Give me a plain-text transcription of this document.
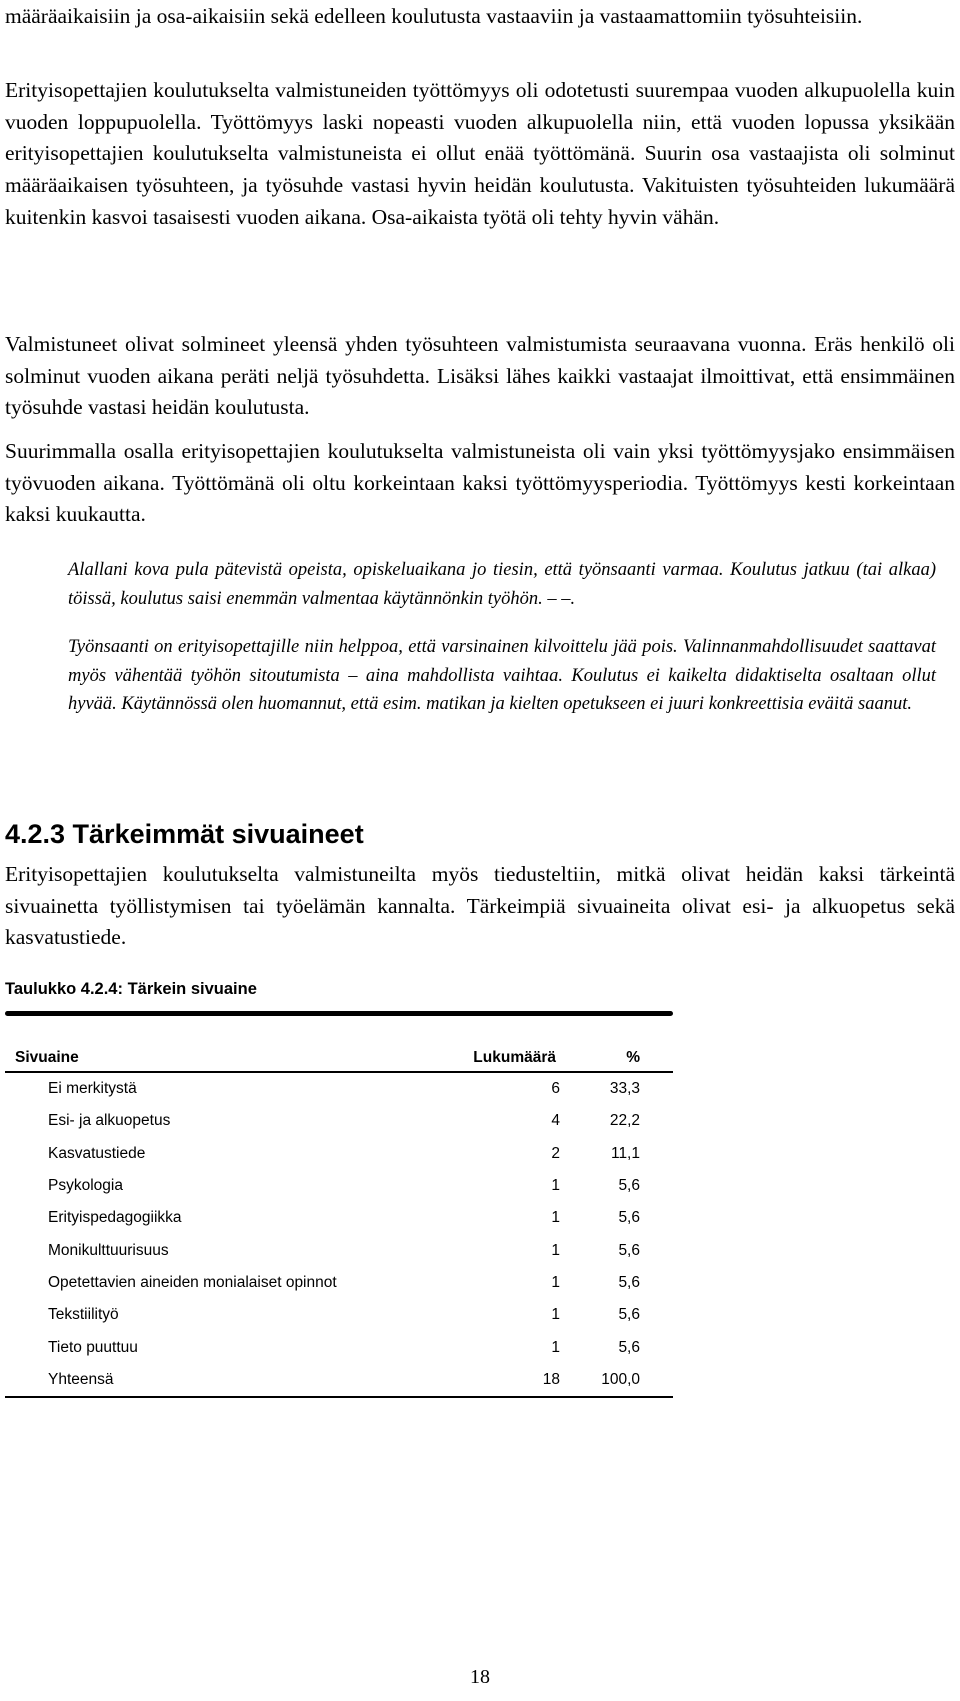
määräaikaisiin ja osa-aikaisiin sekä edelleen koulutusta vastaaviin ja vastaamattomiin työsuhteisiin.

Erityisopettajien koulutukselta valmistuneiden työttömyys oli odotetusti suurempaa vuoden alkupuolella kuin vuoden loppupuolella. Työttömyys laski nopeasti vuoden alkupuolella niin, että vuoden lopussa yksikään erityisopettajien koulutukselta valmistuneista ei ollut enää työttömänä. Suurin osa vastaajista oli solminut määräaikaisen työsuhteen, ja työsuhde vastasi hyvin heidän koulutusta. Vakituisten työsuhteiden lukumäärä kuitenkin kasvoi tasaisesti vuoden aikana. Osa-aikaista työtä oli tehty hyvin vähän.

Valmistuneet olivat solmineet yleensä yhden työsuhteen valmistumista seuraavana vuonna. Eräs henkilö oli solminut vuoden aikana peräti neljä työsuhdetta. Lisäksi lähes kaikki vastaajat ilmoittivat, että ensimmäinen työsuhde vastasi heidän koulutusta.

Suurimmalla osalla erityisopettajien koulutukselta valmistuneista oli vain yksi työttömyysjako ensimmäisen työvuoden aikana. Työttömänä oli oltu korkeintaan kaksi työttömyysperiodia. Työttömyys kesti korkeintaan kaksi kuukautta.

Alallani kova pula pätevistä opeista, opiskeluaikana jo tiesin, että työnsaanti varmaa. Koulutus jatkuu (tai alkaa) töissä, koulutus saisi enemmän valmentaa käytännönkin työhön. – –.

Työnsaanti on erityisopettajille niin helppoa, että varsinainen kilvoittelu jää pois. Valinnanmahdollisuudet saattavat myös vähentää työhön sitoutumista – aina mahdollista vaihtaa. Koulutus ei kaikelta didaktiselta osaltaan ollut hyvää. Käytännössä olen huomannut, että esim. matikan ja kielten opetukseen ei juuri konkreettisia eväitä saanut.

4.2.3 Tärkeimmät sivuaineet

Erityisopettajien koulutukselta valmistuneilta myös tiedusteltiin, mitkä olivat heidän kaksi tärkeintä sivuainetta työllistymisen tai työelämän kannalta. Tärkeimpiä sivuaineita olivat esi- ja alkuopetus sekä kasvatustiede.

Taulukko 4.2.4: Tärkein sivuaine

Sivuaine	Lukumäärä	%
Ei merkitystä	6	33,3
Esi- ja alkuopetus	4	22,2
Kasvatustiede	2	11,1
Psykologia	1	5,6
Erityispedagogiikka	1	5,6
Monikulttuurisuus	1	5,6
Opetettavien aineiden monialaiset opinnot	1	5,6
Tekstiilityö	1	5,6
Tieto puuttuu	1	5,6
Yhteensä	18	100,0
18
